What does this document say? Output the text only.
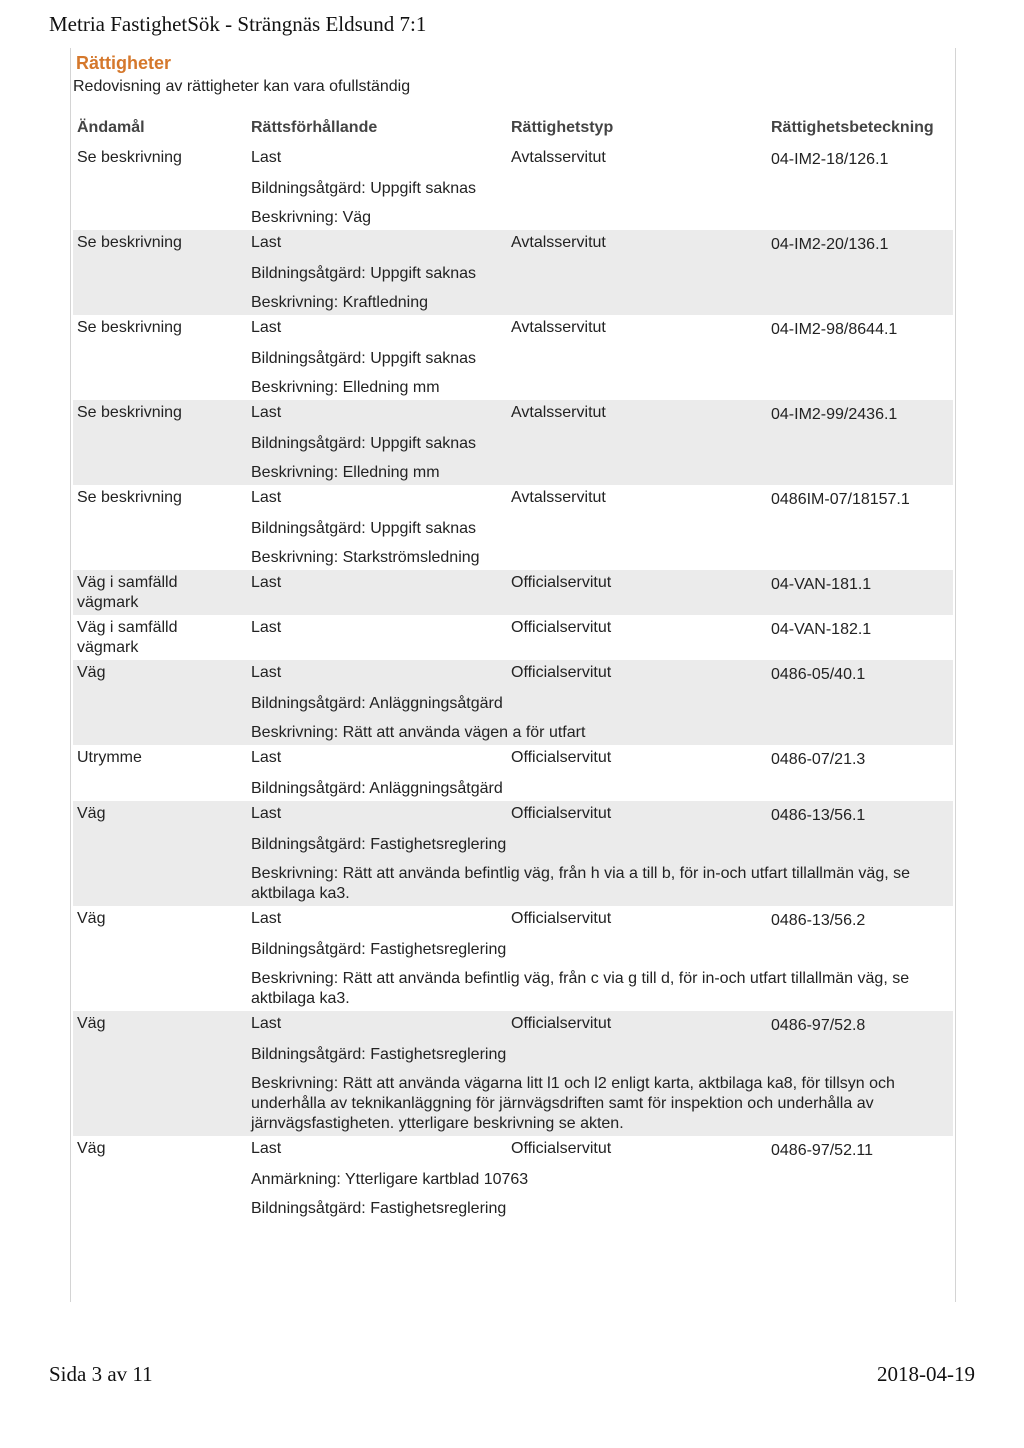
Metria FastighetSök - Strängnäs Eldsund 7:1
Rättigheter
Redovisning av rättigheter kan vara ofullständig
Ändamål	Rättsförhållande	Rättighetstyp	Rättighetsbeteckning
Se beskrivning	Last	Avtalsservitut	04-IM2-18/126.1
	Bildningsåtgärd: Uppgift saknas		
	Beskrivning: Väg		
Se beskrivning	Last	Avtalsservitut	04-IM2-20/136.1
	Bildningsåtgärd: Uppgift saknas		
	Beskrivning: Kraftledning		
Se beskrivning	Last	Avtalsservitut	04-IM2-98/8644.1
	Bildningsåtgärd: Uppgift saknas		
	Beskrivning: Elledning mm		
Se beskrivning	Last	Avtalsservitut	04-IM2-99/2436.1
	Bildningsåtgärd: Uppgift saknas		
	Beskrivning: Elledning mm		
Se beskrivning	Last	Avtalsservitut	0486IM-07/18157.1
	Bildningsåtgärd: Uppgift saknas		
	Beskrivning: Starkströmsledning		
Väg i samfälld vägmark	Last	Officialservitut	04-VAN-181.1
Väg i samfälld vägmark	Last	Officialservitut	04-VAN-182.1
Väg	Last	Officialservitut	0486-05/40.1
	Bildningsåtgärd: Anläggningsåtgärd		
	Beskrivning: Rätt att använda vägen a för utfart		
Utrymme	Last	Officialservitut	0486-07/21.3
	Bildningsåtgärd: Anläggningsåtgärd		
Väg	Last	Officialservitut	0486-13/56.1
	Bildningsåtgärd: Fastighetsreglering		
	Beskrivning: Rätt att använda befintlig väg, från h via a till b, för in-och utfart tillallmän väg, se aktbilaga ka3.		
Väg	Last	Officialservitut	0486-13/56.2
	Bildningsåtgärd: Fastighetsreglering		
	Beskrivning: Rätt att använda befintlig väg, från c via g till d, för in-och utfart tillallmän väg, se aktbilaga ka3.		
Väg	Last	Officialservitut	0486-97/52.8
	Bildningsåtgärd: Fastighetsreglering		
	Beskrivning: Rätt att använda vägarna litt l1 och l2 enligt karta, aktbilaga ka8, för tillsyn och underhålla av teknikanläggning för järnvägsdriften samt för inspektion och underhålla av järnvägsfastigheten. ytterligare beskrivning se akten.		
Väg	Last	Officialservitut	0486-97/52.11
	Anmärkning: Ytterligare kartblad 10763		
	Bildningsåtgärd: Fastighetsreglering		
Sida 3 av 11	2018-04-19
